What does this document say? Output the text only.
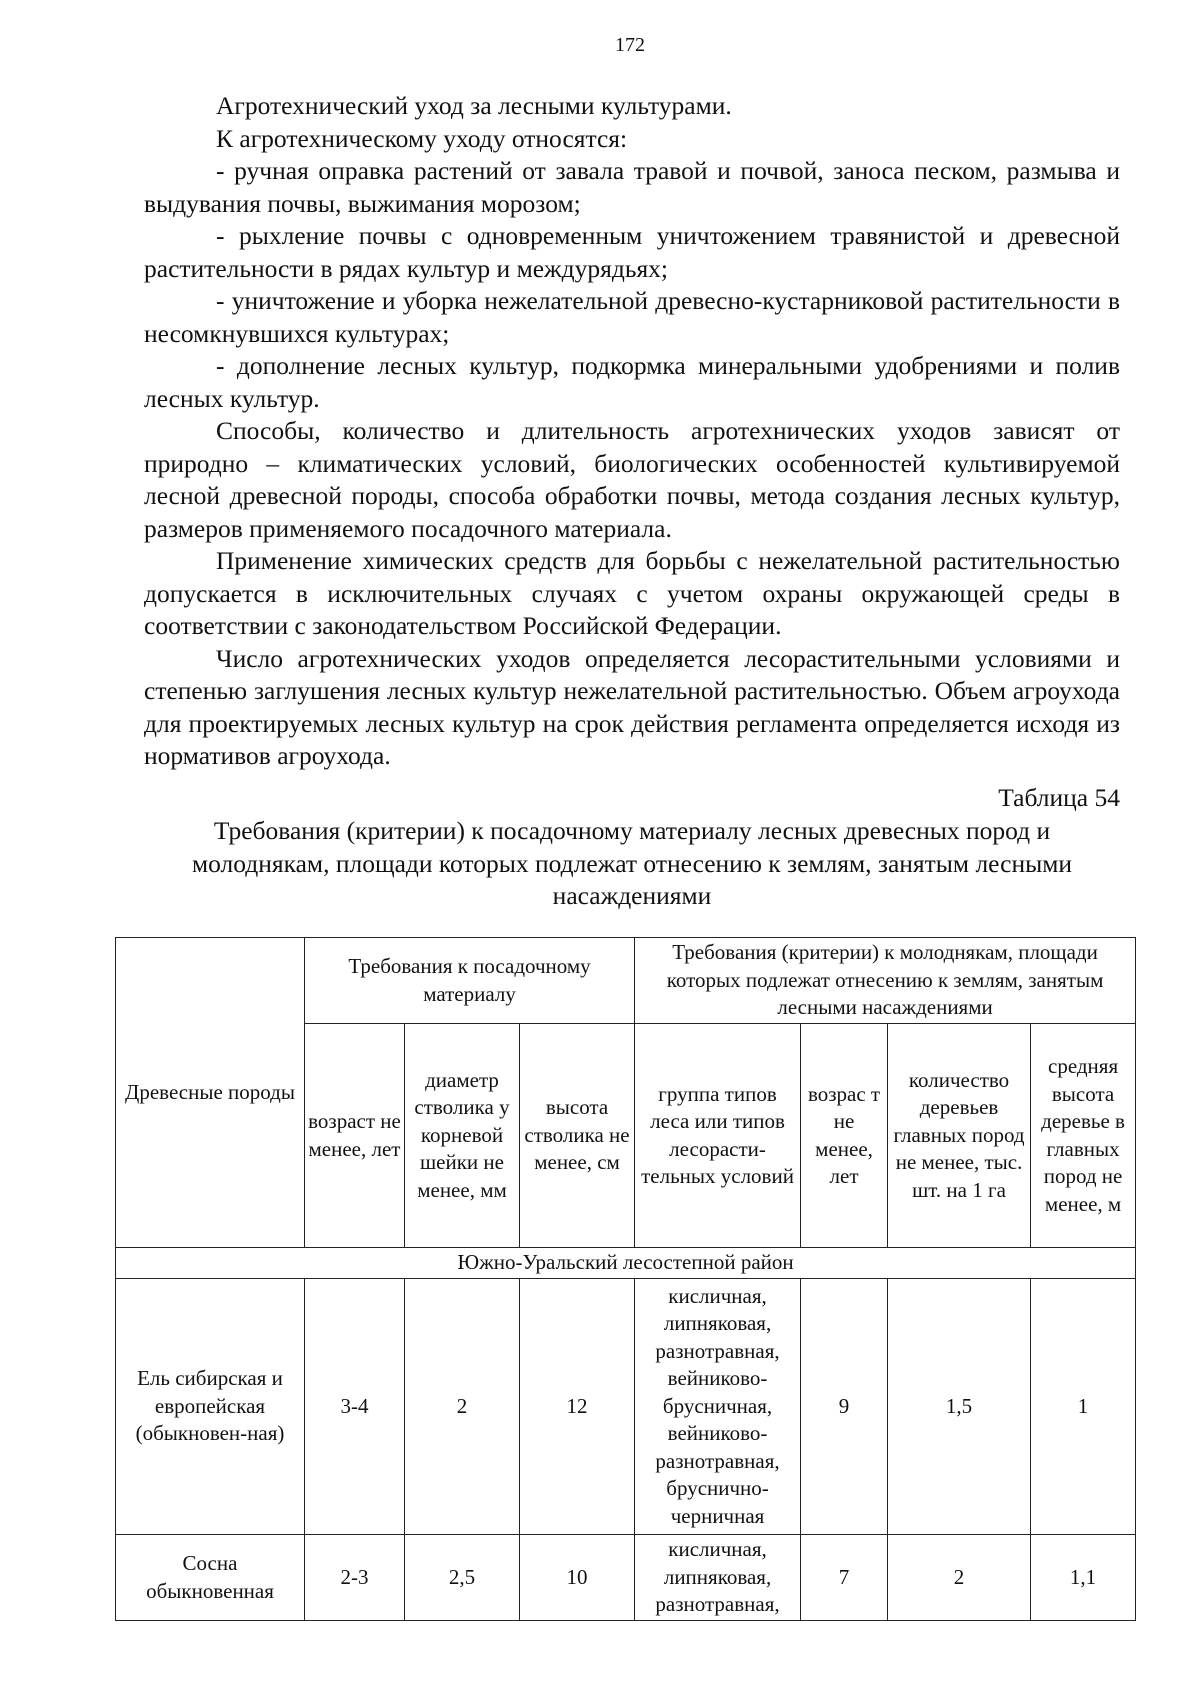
172

Агротехнический уход за лесными культурами.

К агротехническому уходу относятся:

- ручная оправка растений от завала травой и почвой, заноса песком, размыва и выдувания почвы, выжимания морозом;

- рыхление почвы с одновременным уничтожением травянистой и древесной растительности в рядах культур и междурядьях;

- уничтожение и уборка нежелательной древесно-кустарниковой растительности в несомкнувшихся культурах;

- дополнение лесных культур, подкормка минеральными удобрениями и полив лесных культур.

Способы, количество и длительность агротехнических уходов зависят от природно – климатических условий, биологических особенностей культивируемой лесной древесной породы, способа обработки почвы, метода создания лесных культур, размеров применяемого посадочного материала.

Применение химических средств для борьбы с нежелательной растительностью допускается в исключительных случаях с учетом охраны окружающей среды в соответствии с законодательством Российской Федерации.

Число агротехнических уходов определяется лесорастительными условиями и степенью заглушения лесных культур нежелательной растительностью. Объем агроухода для проектируемых лесных культур на срок действия регламента определяется исходя из нормативов агроухода.

Таблица 54
Требования (критерии) к посадочному материалу лесных древесных пород и молоднякам, площади которых подлежат отнесению к землям, занятым лесными насаждениями
Древесные породы	Требования к посадочному материалу			Требования (критерии) к молоднякам, площади которых подлежат отнесению к землям, занятым лесными насаждениями			
	возраст не менее, лет	диаметр стволика у корневой шейки не менее, мм	высота стволика не менее, см	группа типов леса или типов лесорасти-тельных условий	возрас т не менее, лет	количество деревьев главных пород не менее, тыс. шт. на 1 га	средняя высота деревье в главных пород не менее, м
Южно-Уральский лесостепной район							
Ель сибирская и европейская (обыкновен-ная)	3-4	2	12	кисличная, липняковая, разнотравная, вейниково-брусничная, вейниково-разнотравная, бруснично-черничная	9	1,5	1
Сосна обыкновенная	2-3	2,5	10	кисличная, липняковая, разнотравная,	7	2	1,1
